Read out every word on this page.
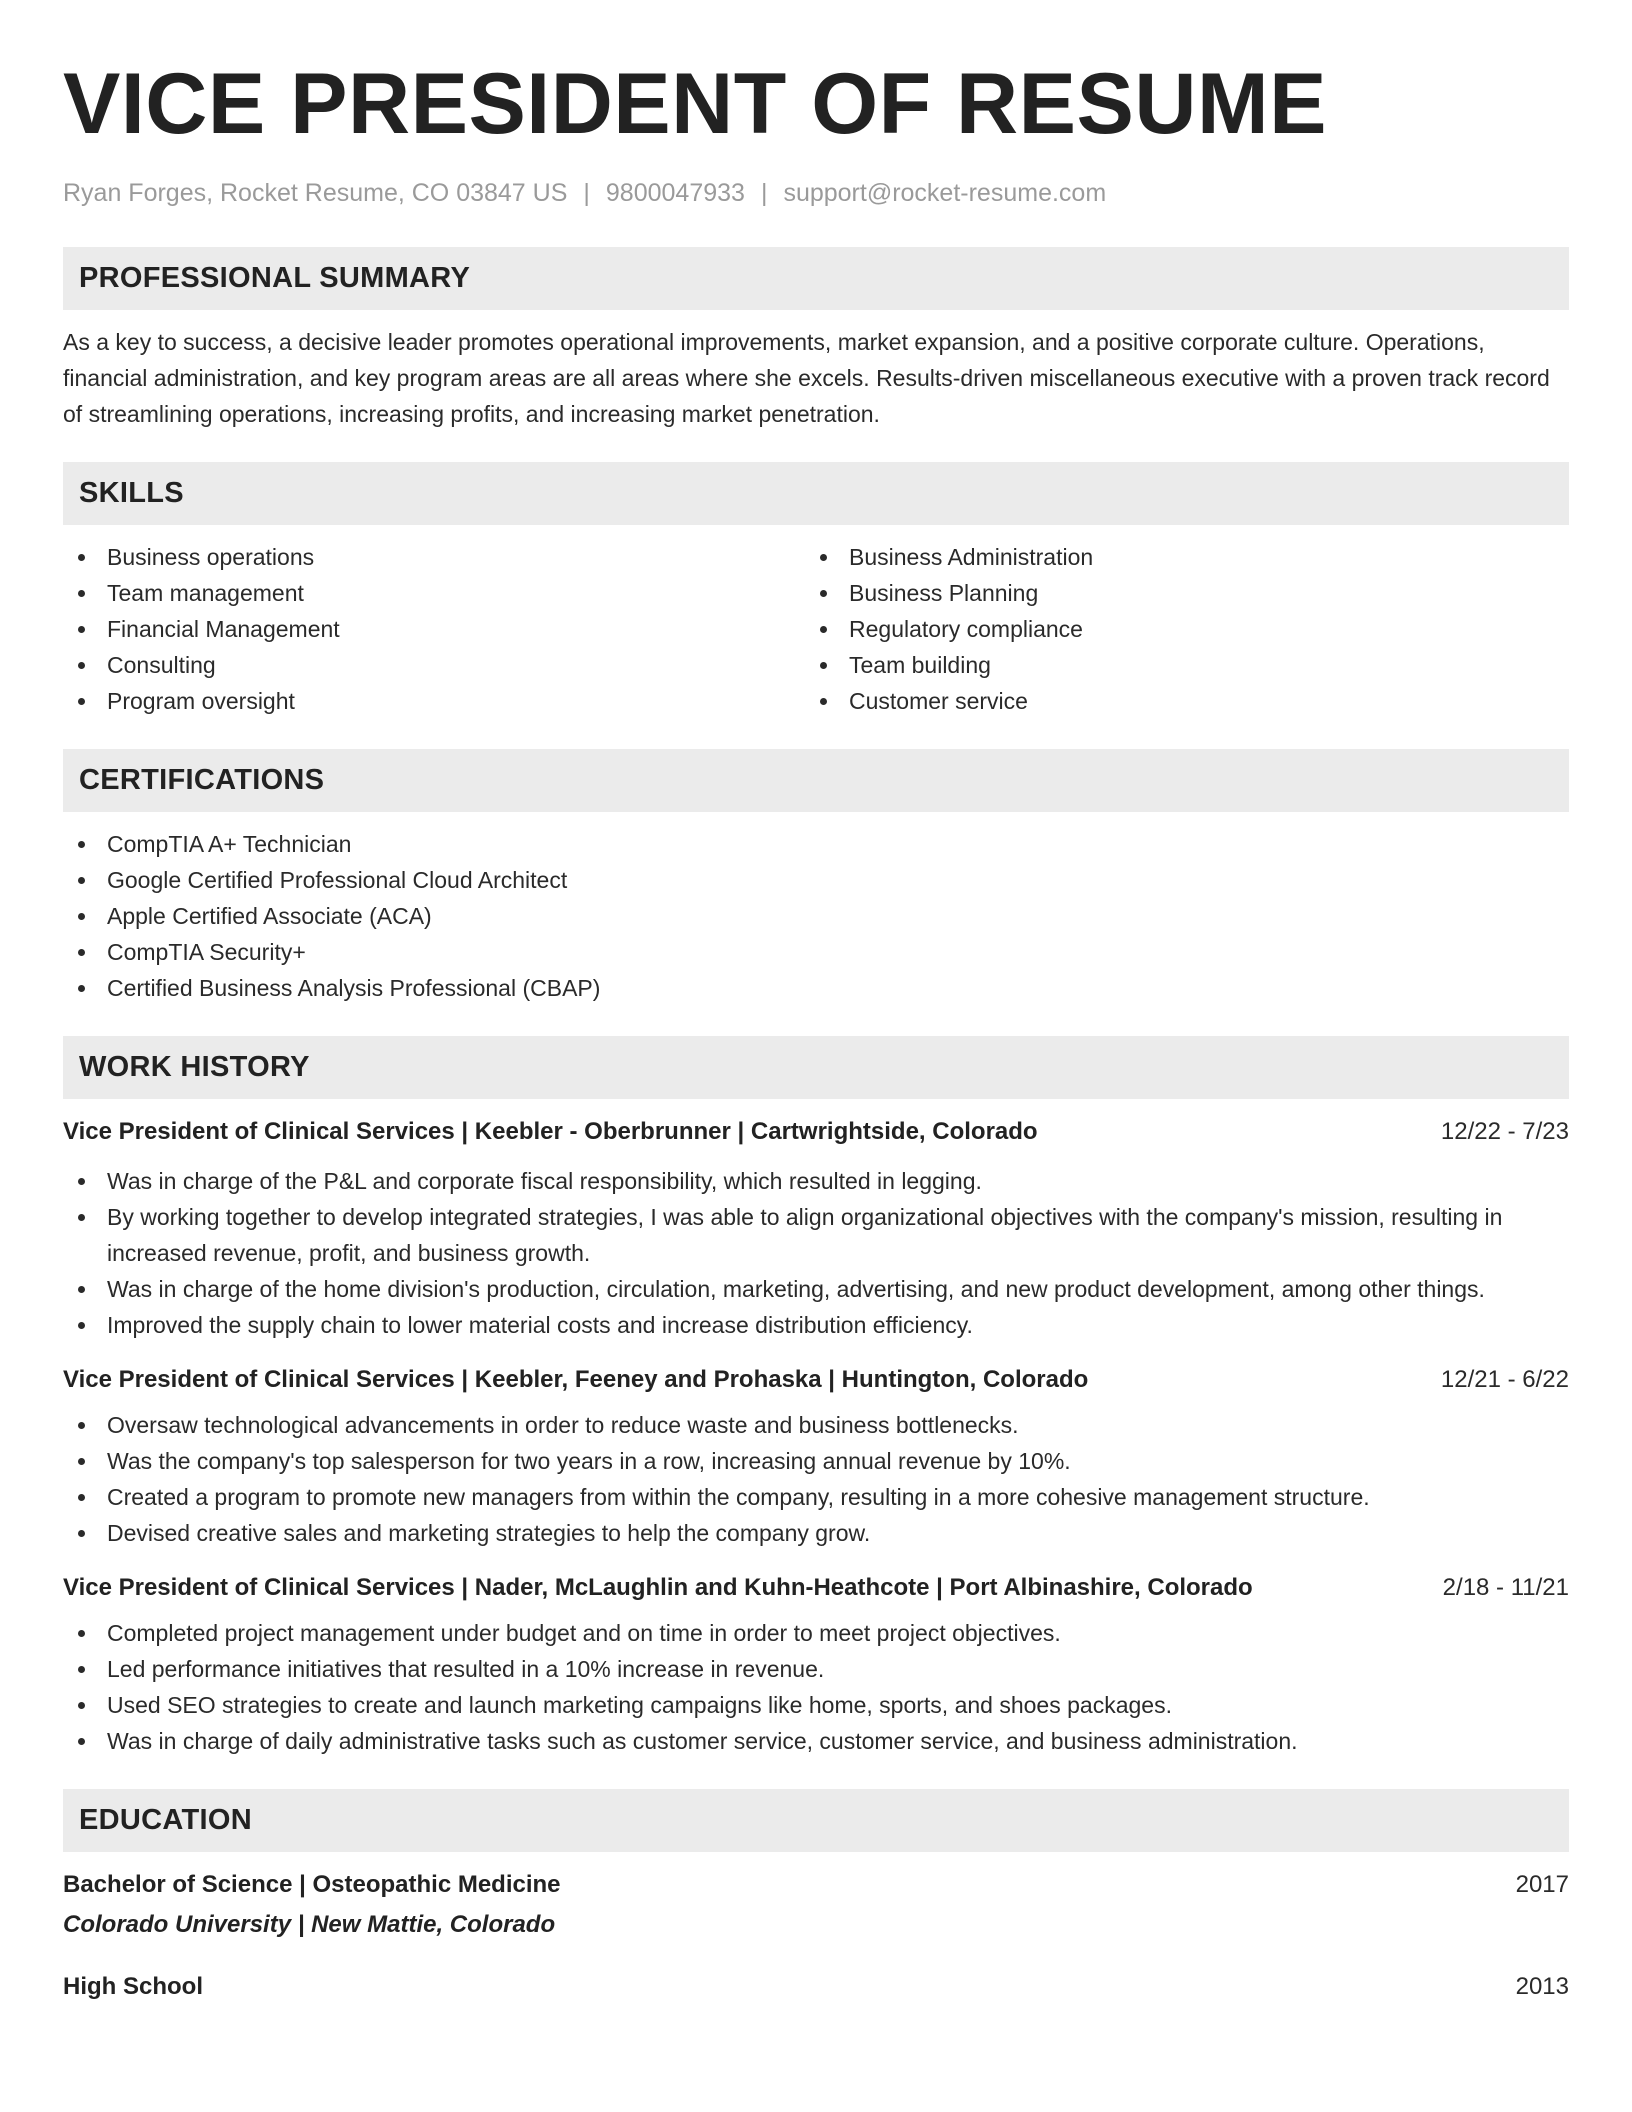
VICE PRESIDENT OF RESUME
Ryan Forges, Rocket Resume, CO 03847 US | 9800047933 | support@rocket-resume.com
PROFESSIONAL SUMMARY

As a key to success, a decisive leader promotes operational improvements, market expansion, and a positive corporate culture. Operations, financial administration, and key program areas are all areas where she excels. Results-driven miscellaneous executive with a proven track record of streamlining operations, increasing profits, and increasing market penetration.

SKILLS
Business operations
Team management
Financial Management
Consulting
Program oversight
Business Administration
Business Planning
Regulatory compliance
Team building
Customer service
CERTIFICATIONS
CompTIA A+ Technician
Google Certified Professional Cloud Architect
Apple Certified Associate (ACA)
CompTIA Security+
Certified Business Analysis Professional (CBAP)
WORK HISTORY
Vice President of Clinical Services | Keebler - Oberbrunner | Cartwrightside, Colorado	12/22 - 7/23
Was in charge of the P&L and corporate fiscal responsibility, which resulted in legging.
By working together to develop integrated strategies, I was able to align organizational objectives with the company's mission, resulting in increased revenue, profit, and business growth.
Was in charge of the home division's production, circulation, marketing, advertising, and new product development, among other things.
Improved the supply chain to lower material costs and increase distribution efficiency.
Vice President of Clinical Services | Keebler, Feeney and Prohaska | Huntington, Colorado	12/21 - 6/22
Oversaw technological advancements in order to reduce waste and business bottlenecks.
Was the company's top salesperson for two years in a row, increasing annual revenue by 10%.
Created a program to promote new managers from within the company, resulting in a more cohesive management structure.
Devised creative sales and marketing strategies to help the company grow.
Vice President of Clinical Services | Nader, McLaughlin and Kuhn-Heathcote | Port Albinashire, Colorado	2/18 - 11/21
Completed project management under budget and on time in order to meet project objectives.
Led performance initiatives that resulted in a 10% increase in revenue.
Used SEO strategies to create and launch marketing campaigns like home, sports, and shoes packages.
Was in charge of daily administrative tasks such as customer service, customer service, and business administration.
EDUCATION
Bachelor of Science | Osteopathic Medicine	2017
Colorado University | New Mattie, Colorado
High School	2013
